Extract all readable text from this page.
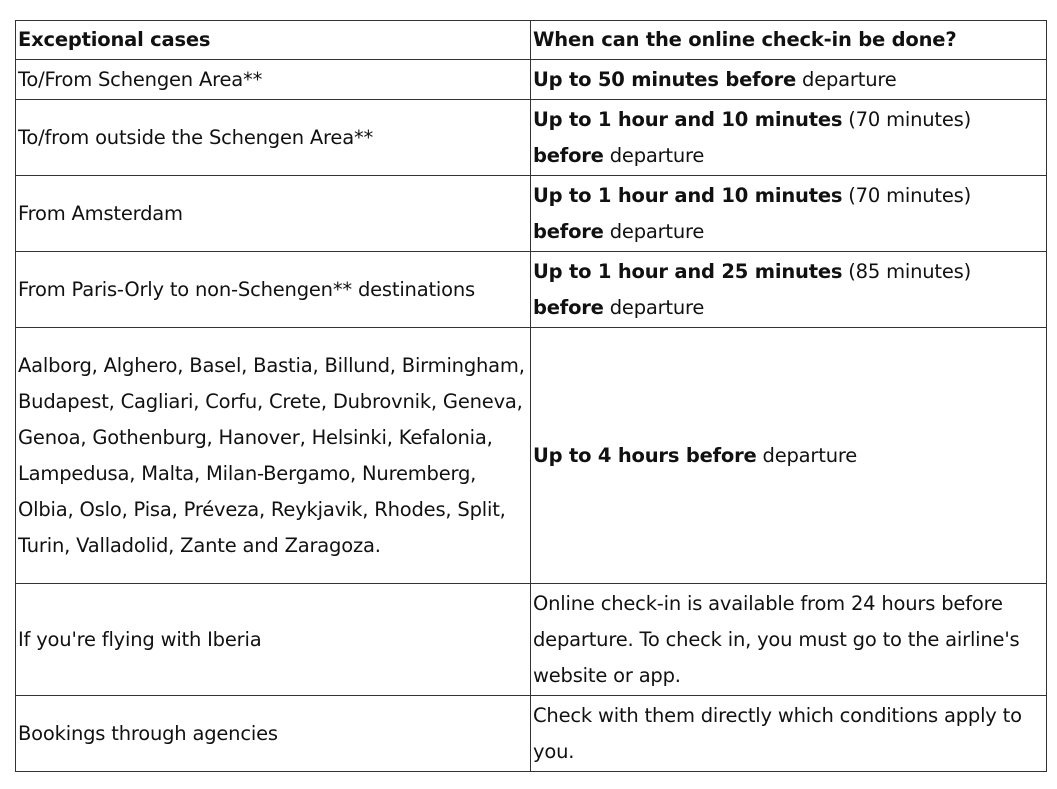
Exceptional cases	When can the online check-in be done?
To/From Schengen Area**	Up to 50 minutes before departure
To/from outside the Schengen Area**	Up to 1 hour and 10 minutes (70 minutes) before departure
From Amsterdam	Up to 1 hour and 10 minutes (70 minutes) before departure
From Paris-Orly to non-Schengen** destinations	Up to 1 hour and 25 minutes (85 minutes) before departure
Aalborg, Alghero, Basel, Bastia, Billund, Birmingham, Budapest, Cagliari, Corfu, Crete, Dubrovnik, Geneva, Genoa, Gothenburg, Hanover, Helsinki, Kefalonia, Lampedusa, Malta, Milan-Bergamo, Nuremberg, Olbia, Oslo, Pisa, Préveza, Reykjavik, Rhodes, Split, Turin, Valladolid, Zante and Zaragoza.	Up to 4 hours before departure
If you're flying with Iberia	Online check-in is available from 24 hours before departure. To check in, you must go to the airline's website or app.
Bookings through agencies	Check with them directly which conditions apply to you.
